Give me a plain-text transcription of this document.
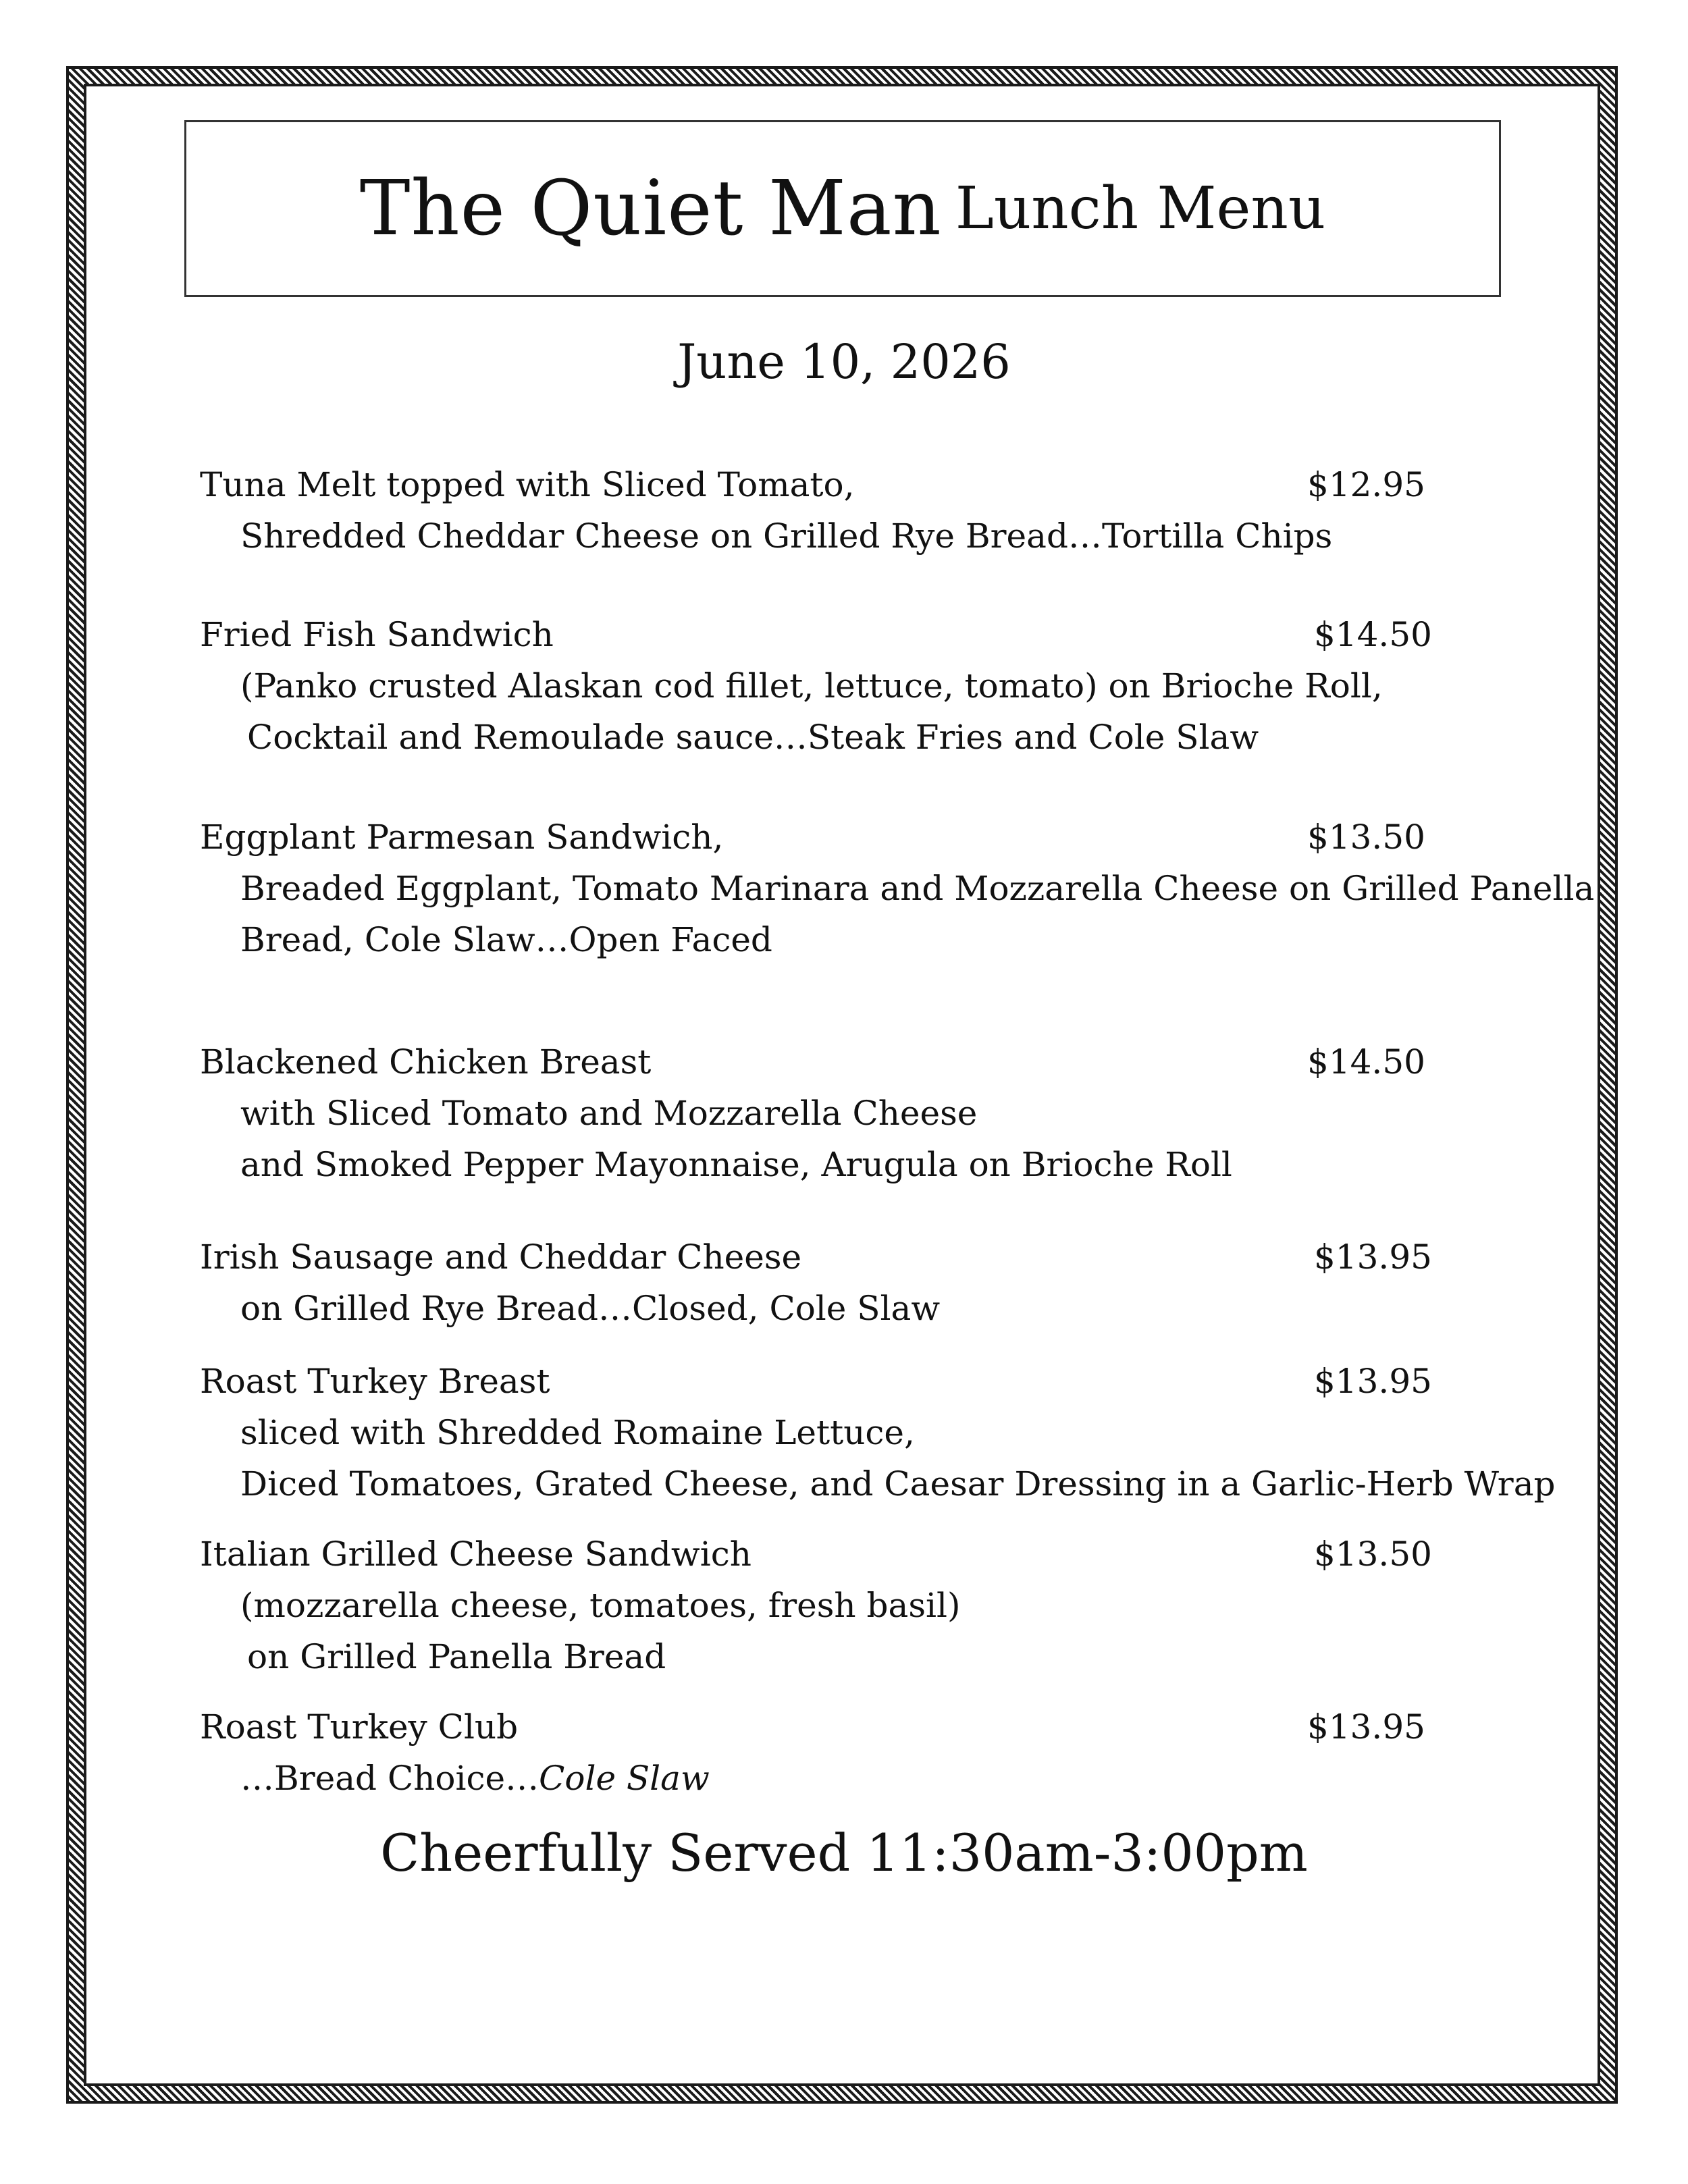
The Quiet Man Lunch Menu
June 10, 2026
Tuna Melt topped with Sliced Tomato,	$12.95
Shredded Cheddar Cheese on Grilled Rye Bread…Tortilla Chips
Fried Fish Sandwich	$14.50
(Panko crusted Alaskan cod fillet, lettuce, tomato) on Brioche Roll,
Cocktail and Remoulade sauce…Steak Fries and Cole Slaw
Eggplant Parmesan Sandwich,	$13.50
Breaded Eggplant, Tomato Marinara and Mozzarella Cheese on Grilled Panella
Bread, Cole Slaw…Open Faced
Blackened Chicken Breast	$14.50
with Sliced Tomato and Mozzarella Cheese
and Smoked Pepper Mayonnaise, Arugula on Brioche Roll
Irish Sausage and Cheddar Cheese	$13.95
on Grilled Rye Bread…Closed, Cole Slaw
Roast Turkey Breast	$13.95
sliced with Shredded Romaine Lettuce,
Diced Tomatoes, Grated Cheese, and Caesar Dressing in a Garlic-Herb Wrap
Italian Grilled Cheese Sandwich	$13.50
(mozzarella cheese, tomatoes, fresh basil)
on Grilled Panella Bread
Roast Turkey Club	$13.95
…Bread Choice…Cole Slaw
Cheerfully Served 11:30am-3:00pm
